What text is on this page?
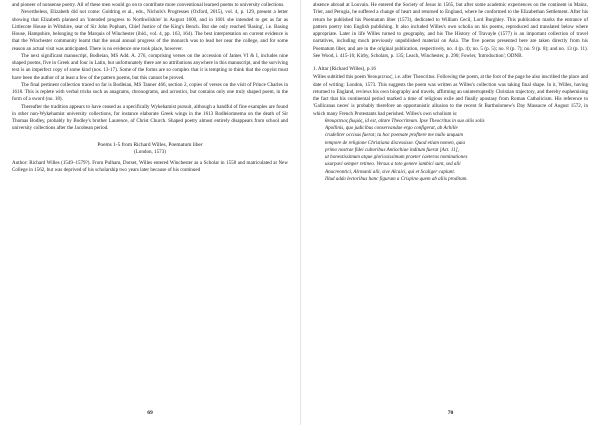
and pioneer of nonsense poetry. All of these men would go on to contribute more conventional learned poems to university collections.

Nevertheless, Elizabeth did not come: Goldring et al., eds., Nichols's Progresses (Oxford, 2015), vol. 4, p. 129, present a letter showing that Elizabeth planned an 'intended progress to Northwilshire' in August 1600, and in 1601 she intended to get as far as Littlecote House in Wiltshire, seat of Sir John Popham, Chief Justice of the King's Bench. But she only reached 'Basing', i.e. Basing House, Hampshire, belonging to the Marquis of Winchester (ibid., vol. 4, pp. 163, 164). The best interpretation on current evidence is that the Winchester community learnt that the usual annual progress of the monarch was to lead her near the college, and for some reason an actual visit was anticipated. There is no evidence one took place, however.

The next significant manuscript, Bodleian, MS Add. A. 276, comprising verses on the accession of James VI & I, includes nine shaped poems, five in Greek and four in Latin, but unfortunately there are no attributions anywhere in this manuscript, and the surviving text is an imperfect copy of some kind (nos. 13-17). Some of the forms are so complex that it is tempting to think that the copyist must have been the author of at least a few of the pattern poems, but this cannot be proved.

The final pertinent collection traced so far is Bodleian, MS Tanner 466, section 2, copies of verses on the visit of Prince Charles in 1618. This is replete with verbal tricks such as anagrams, chronograms, and acrostics, but contains only one truly shaped poem, in the form of a sword (no. 18).

Thereafter the tradition appears to have ceased as a specifically Wykehamist pursuit, although a handful of fine examples are found in other non-Wykehamist university collections, for instance elaborate Greek wings in the 1613 Bodleiomnema on the death of Sir Thomas Bodley, probably by Bodley's brother Laurence, of Christ Church. Shaped poetry almost entirely disappears from school and university collections after the Jacobean period.

Poems 1-5 from Richard Willes, Poematum liber
(London, 1573)

Author: Richard Willes (1549–1579?). From Pulham, Dorset, Willes entered Winchester as a Scholar in 1558 and matriculated at New College in 1562, but was deprived of his scholarship two years later because of his continued

69

absence abroad at Louvain. He entered the Society of Jesus in 1565, but after some academic experiences on the continent in Mainz, Trier, and Perugia, he suffered a change of heart and returned to England, where he conformed to the Elizabethan Settlement. After his return he published his Poematum liber (1573), dedicated to William Cecil, Lord Burghley. This publication marks the entrance of pattern poetry into English publishing. It also included Willes's own scholia on his poems, reproduced and translated below where appropriate. Later in life Willes turned to geography, and his The History of Travayle (1577) is an important collection of travel narratives, including much previously unpublished material on Asia. The five poems presented here are taken directly from his Poematum liber, and are in the original publication, respectively, no. 4 (p. 4); no. 5 (p. 5); no. 8 (p. 7); no. 9 (p. 8); and no. 13 (p. 11). See Wood, i. 415-16; Kirby, Scholars, p. 135; Leach, Winchester, p. 290; Fowler, 'Introduction'; ODNB.

1. Altar (Richard Willes), p.16

Willes subtitled this poem 'θεοκριτειος', i.e. after Theocritus. Following the poem, at the foot of the page he also inscribed the place and date of writing: London, 1573. This suggests the poem was written as Willes's collection was taking final shape. In it, Willes, having returned to England, reviews his own biography and travels, affirming an uninterruptedly Christian trajectory, and thereby euphemising the fact that his continental period marked a time of religious exile and finally apostasy from Roman Catholicism. His reference to 'Gallicanas neces' is probably therefore an opportunistic allusion to the recent St Bartholomew's Day Massacre of August 1572, in which many French Protestants had perished. Willes's own scholium is:

θεοκριτειος βωμός, id est, altare Theocriteum. Ipse Theocritus in suo aliis solis

Apollinis, quo judicibus conservandae ergo configerat, ab Achille

crudeliter occisus fuerat; tu hoc poemate profitere me nullo unquam

tempore de religione Christiana discessisse. Quod etiam nomen, quia

primo nostrae fidei cultoribus Antiochiae inditum fuerat [Act. 11],

ut honestissimum atque gloriosissimum praeter caeteras nominationes

usurpavi semper retineo. Versus a toto genere iambici sunt, sed alii

Anacreontici, Alcmanii alii, sive Alcaici, qui et Scaliger capiunt.

Illud addo lectoribus hanc figuram a Crispino quem ab aliis proditam.

70
